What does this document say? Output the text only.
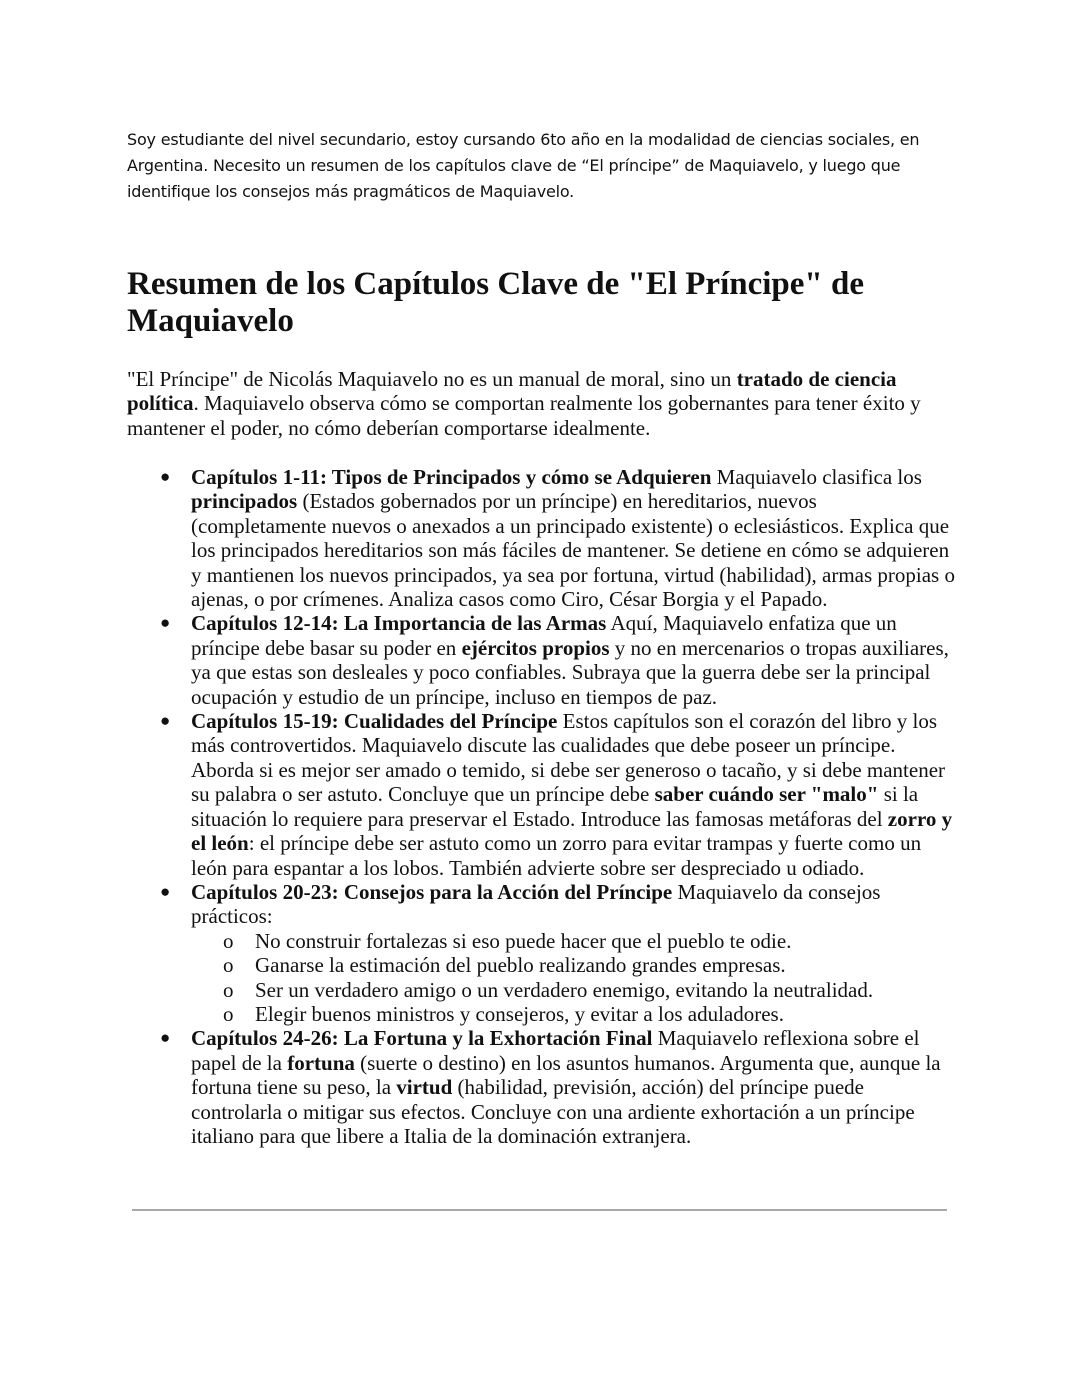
Soy estudiante del nivel secundario, estoy cursando 6to año en la modalidad de ciencias sociales, en Argentina. Necesito un resumen de los capítulos clave de “El príncipe” de Maquiavelo, y luego que identifique los consejos más pragmáticos de Maquiavelo.

Resumen de los Capítulos Clave de "El Príncipe" de Maquiavelo

"El Príncipe" de Nicolás Maquiavelo no es un manual de moral, sino un tratado de ciencia política. Maquiavelo observa cómo se comportan realmente los gobernantes para tener éxito y mantener el poder, no cómo deberían comportarse idealmente.

● Capítulos 1-11: Tipos de Principados y cómo se Adquieren Maquiavelo clasifica los principados (Estados gobernados por un príncipe) en hereditarios, nuevos (completamente nuevos o anexados a un principado existente) o eclesiásticos. Explica que los principados hereditarios son más fáciles de mantener. Se detiene en cómo se adquieren y mantienen los nuevos principados, ya sea por fortuna, virtud (habilidad), armas propias o ajenas, o por crímenes. Analiza casos como Ciro, César Borgia y el Papado.
● Capítulos 12-14: La Importancia de las Armas Aquí, Maquiavelo enfatiza que un príncipe debe basar su poder en ejércitos propios y no en mercenarios o tropas auxiliares, ya que estas son desleales y poco confiables. Subraya que la guerra debe ser la principal ocupación y estudio de un príncipe, incluso en tiempos de paz.
● Capítulos 15-19: Cualidades del Príncipe Estos capítulos son el corazón del libro y los más controvertidos. Maquiavelo discute las cualidades que debe poseer un príncipe. Aborda si es mejor ser amado o temido, si debe ser generoso o tacaño, y si debe mantener su palabra o ser astuto. Concluye que un príncipe debe saber cuándo ser "malo" si la situación lo requiere para preservar el Estado. Introduce las famosas metáforas del zorro y el león: el príncipe debe ser astuto como un zorro para evitar trampas y fuerte como un león para espantar a los lobos. También advierte sobre ser despreciado u odiado.
● Capítulos 20-23: Consejos para la Acción del Príncipe Maquiavelo da consejos prácticos:
o No construir fortalezas si eso puede hacer que el pueblo te odie.
o Ganarse la estimación del pueblo realizando grandes empresas.
o Ser un verdadero amigo o un verdadero enemigo, evitando la neutralidad.
o Elegir buenos ministros y consejeros, y evitar a los aduladores.
● Capítulos 24-26: La Fortuna y la Exhortación Final Maquiavelo reflexiona sobre el papel de la fortuna (suerte o destino) en los asuntos humanos. Argumenta que, aunque la fortuna tiene su peso, la virtud (habilidad, previsión, acción) del príncipe puede controlarla o mitigar sus efectos. Concluye con una ardiente exhortación a un príncipe italiano para que libere a Italia de la dominación extranjera.
